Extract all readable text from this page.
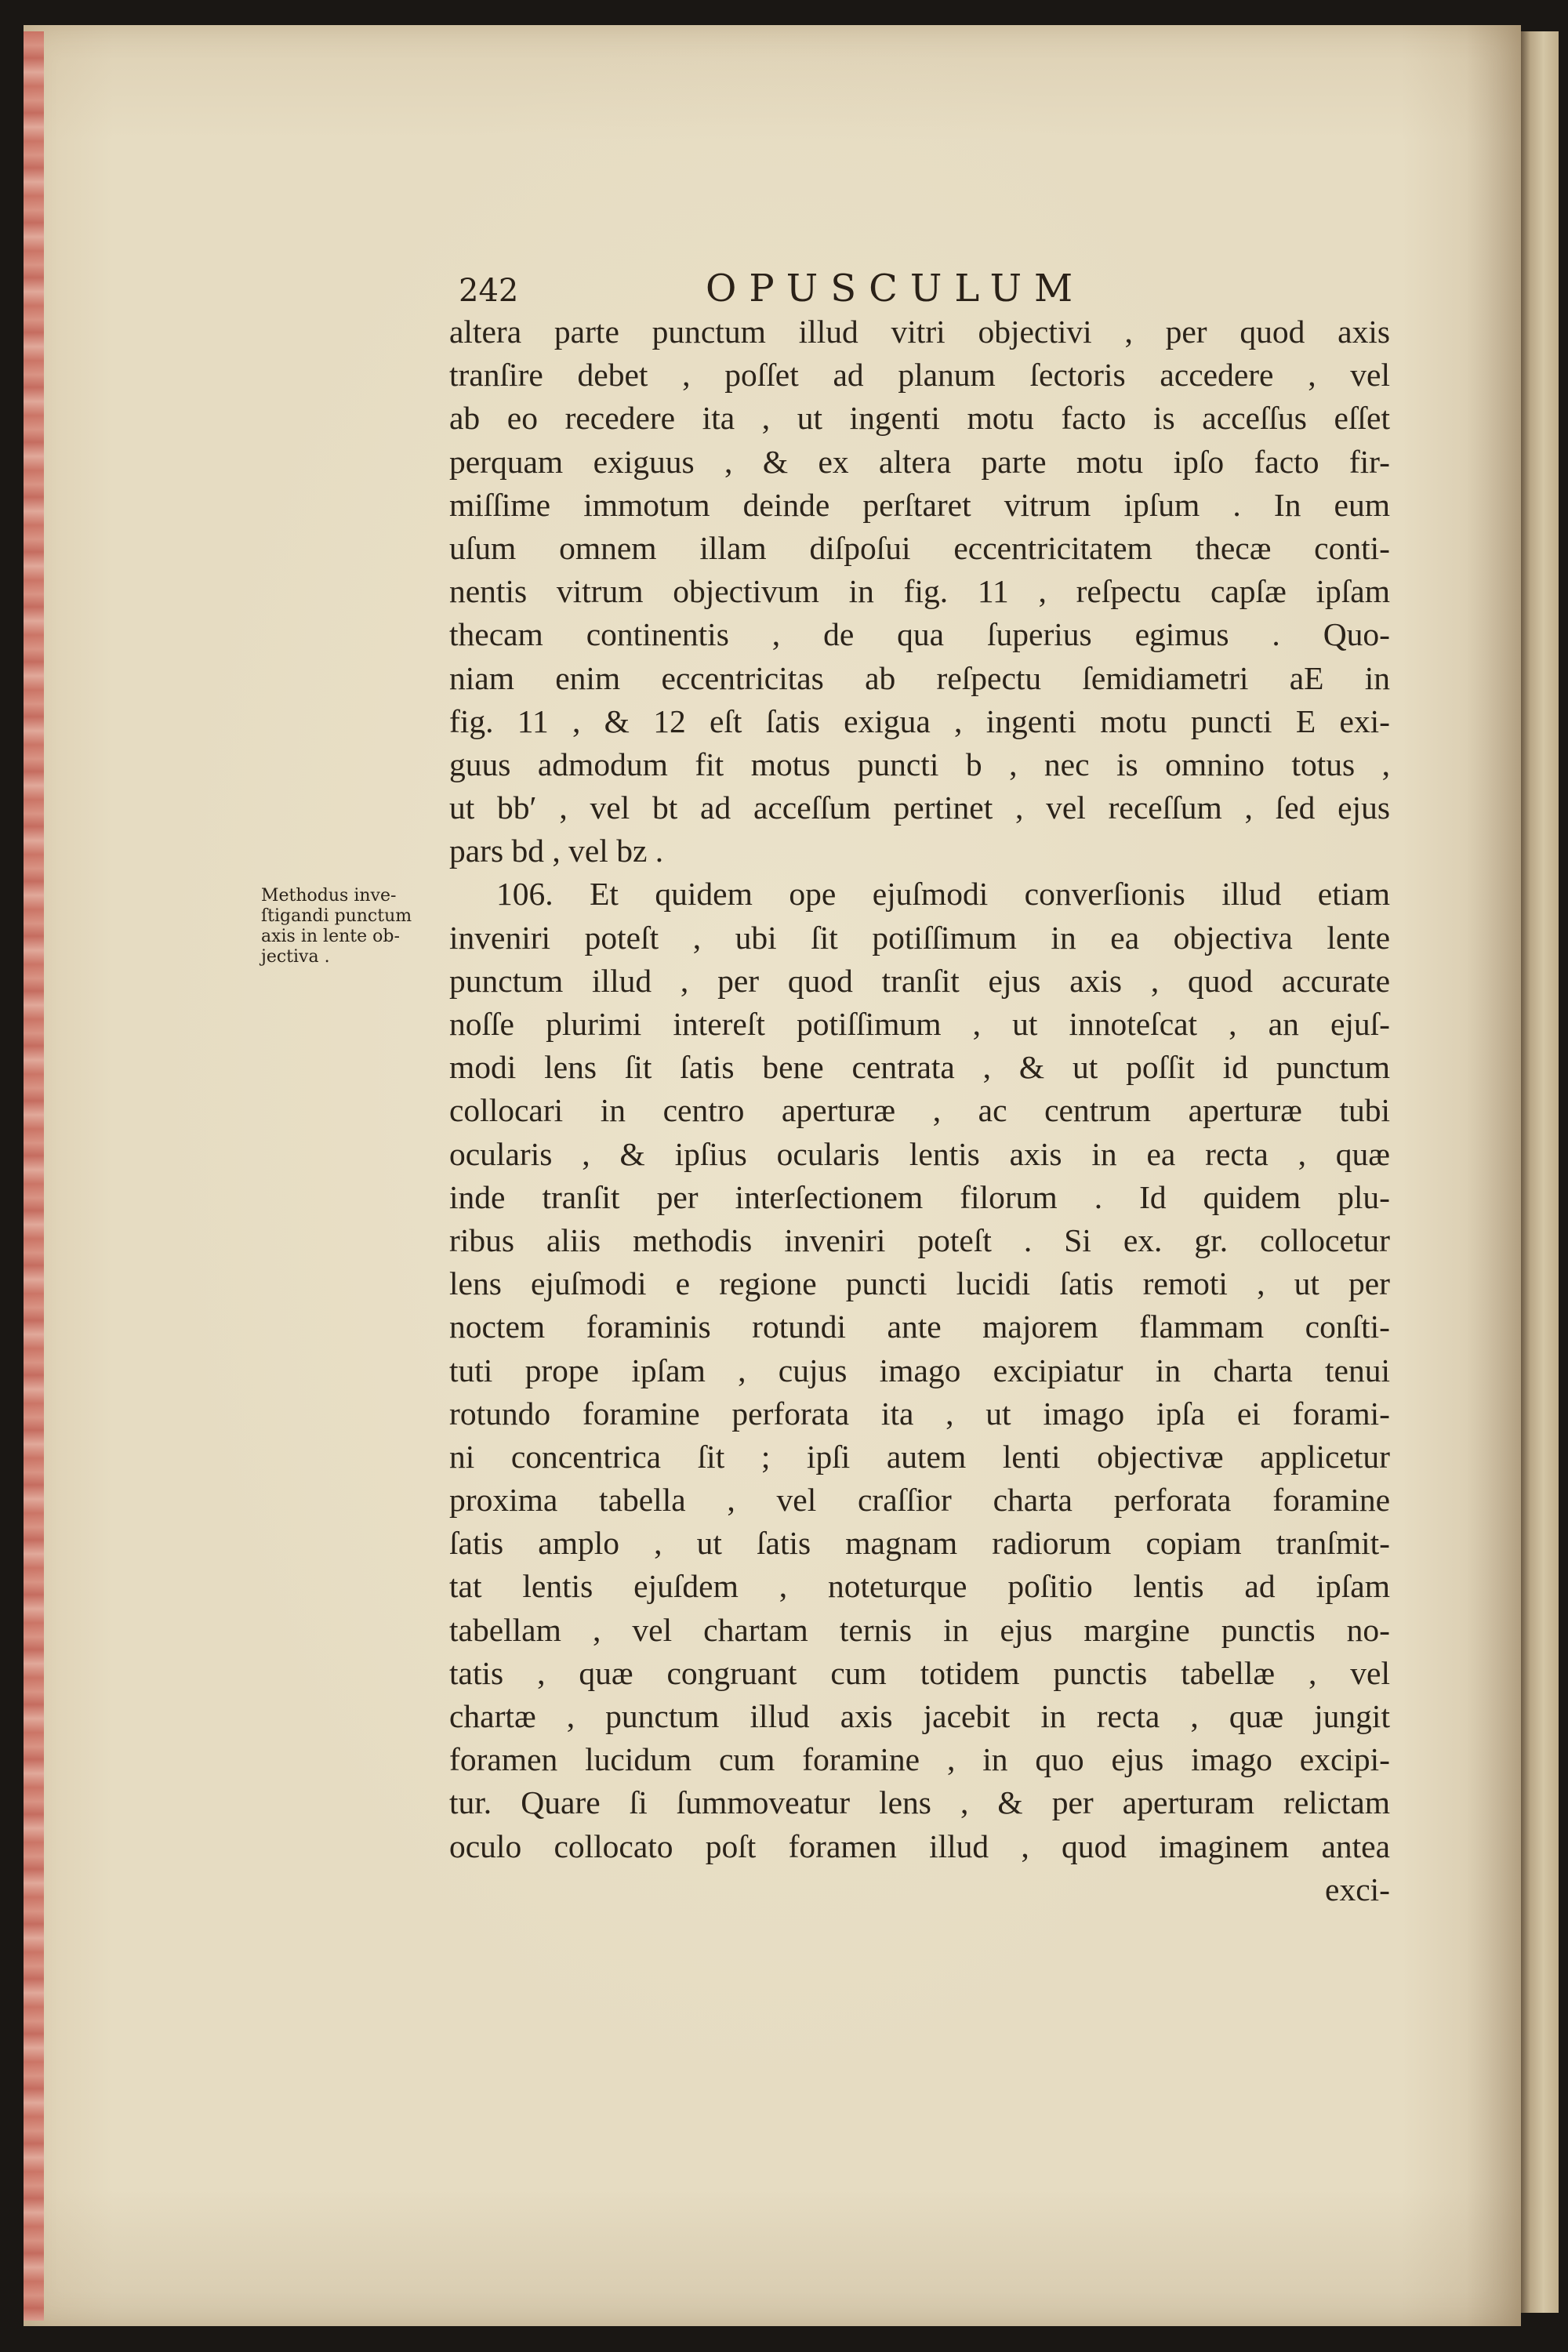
242	OPUSCULUM
Methodus inve-
ſtigandi punctum
axis in lente ob-
jectiva .
altera parte punctum illud vitri objectivi , per quod axis
tranſire debet , poſſet ad planum ſectoris accedere , vel
ab eo recedere ita , ut ingenti motu facto is acceſſus eſſet
perquam exiguus , & ex altera parte motu ipſo facto fir-
miſſime immotum deinde perſtaret vitrum ipſum . In eum
uſum omnem illam diſpoſui eccentricitatem thecæ conti-
nentis vitrum objectivum in fig. 11 , reſpectu capſæ ipſam
thecam continentis , de qua ſuperius egimus . Quo-
niam enim eccentricitas ab reſpectu ſemidiametri aE in
fig. 11 , & 12 eſt ſatis exigua , ingenti motu puncti E exi-
guus admodum fit motus puncti b , nec is omnino totus ,
ut bb′ , vel bt ad acceſſum pertinet , vel receſſum , ſed ejus
pars bd , vel bz .
106. Et quidem ope ejuſmodi converſionis illud etiam
inveniri poteſt , ubi ſit potiſſimum in ea objectiva lente
punctum illud , per quod tranſit ejus axis , quod accurate
noſſe plurimi intereſt potiſſimum , ut innoteſcat , an ejuſ-
modi lens ſit ſatis bene centrata , & ut poſſit id punctum
collocari in centro aperturæ , ac centrum aperturæ tubi
ocularis , & ipſius ocularis lentis axis in ea recta , quæ
inde tranſit per interſectionem filorum . Id quidem plu-
ribus aliis methodis inveniri poteſt . Si ex. gr. collocetur
lens ejuſmodi e regione puncti lucidi ſatis remoti , ut per
noctem foraminis rotundi ante majorem flammam conſti-
tuti prope ipſam , cujus imago excipiatur in charta tenui
rotundo foramine perforata ita , ut imago ipſa ei forami-
ni concentrica ſit ; ipſi autem lenti objectivæ applicetur
proxima tabella , vel craſſior charta perforata foramine
ſatis amplo , ut ſatis magnam radiorum copiam tranſmit-
tat lentis ejuſdem , noteturque poſitio lentis ad ipſam
tabellam , vel chartam ternis in ejus margine punctis no-
tatis , quæ congruant cum totidem punctis tabellæ , vel
chartæ , punctum illud axis jacebit in recta , quæ jungit
foramen lucidum cum foramine , in quo ejus imago excipi-
tur. Quare ſi ſummoveatur lens , & per aperturam relictam
oculo collocato poſt foramen illud , quod imaginem antea
exci-
